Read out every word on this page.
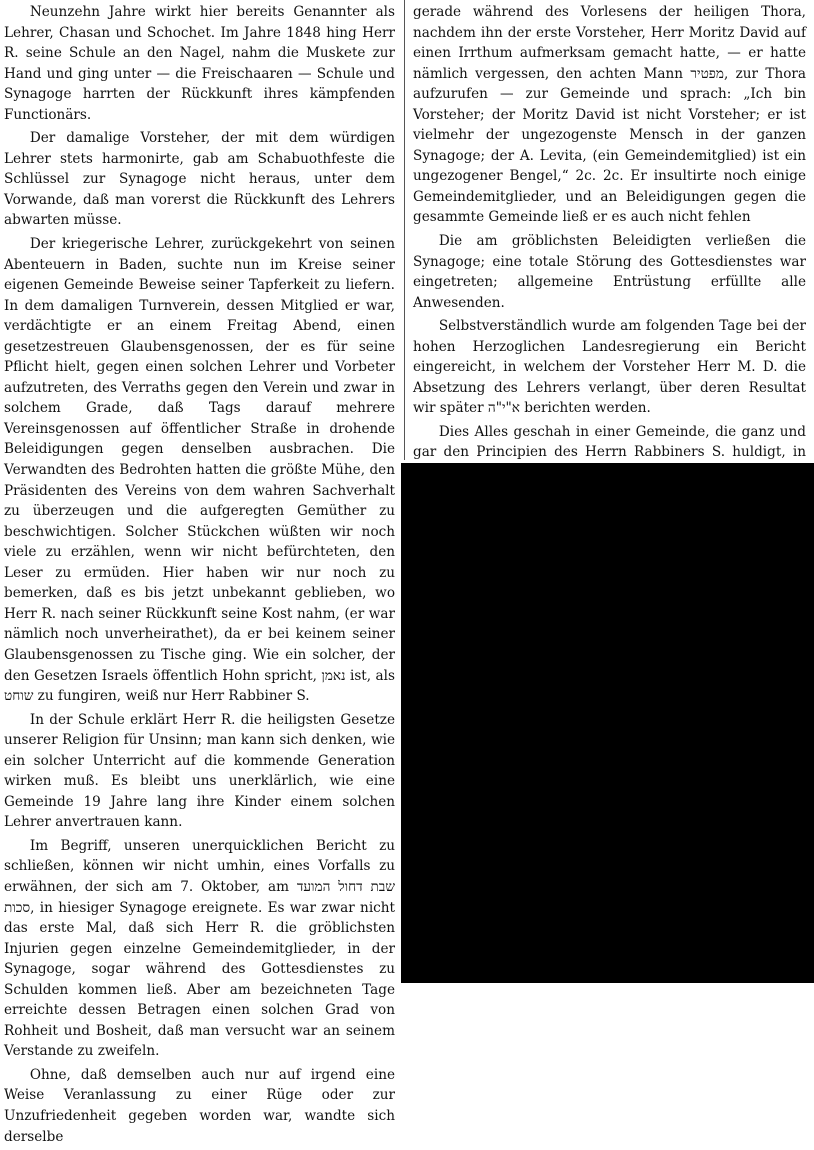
Neunzehn Jahre wirkt hier bereits Genannter als Lehrer, Chasan und Schochet. Im Jahre 1848 hing Herr R. seine Schule an den Nagel, nahm die Muskete zur Hand und ging unter — die Freischaaren — Schule und Synagoge harrten der Rückkunft ihres kämpfenden Functionärs.

Der damalige Vorsteher, der mit dem würdigen Lehrer stets harmonirte, gab am Schabuothfeste die Schlüssel zur Synagoge nicht heraus, unter dem Vorwande, daß man vorerst die Rückkunft des Lehrers abwarten müsse.

Der kriegerische Lehrer, zurückgekehrt von seinen Abenteuern in Baden, suchte nun im Kreise seiner eigenen Gemeinde Beweise seiner Tapferkeit zu liefern. In dem damaligen Turnverein, dessen Mitglied er war, verdächtigte er an einem Freitag Abend, einen gesetzestreuen Glaubensgenossen, der es für seine Pflicht hielt, gegen einen solchen Lehrer und Vorbeter aufzutreten, des Verraths gegen den Verein und zwar in solchem Grade, daß Tags darauf mehrere Vereinsgenossen auf öffentlicher Straße in drohende Beleidigungen gegen denselben ausbrachen. Die Verwandten des Bedrohten hatten die größte Mühe, den Präsidenten des Vereins von dem wahren Sachverhalt zu überzeugen und die aufgeregten Gemüther zu beschwichtigen. Solcher Stückchen wüßten wir noch viele zu erzählen, wenn wir nicht befürchteten, den Leser zu ermüden. Hier haben wir nur noch zu bemerken, daß es bis jetzt unbekannt geblieben, wo Herr R. nach seiner Rückkunft seine Kost nahm, (er war nämlich noch unverheirathet), da er bei keinem seiner Glaubensgenossen zu Tische ging. Wie ein solcher, der den Gesetzen Israels öffentlich Hohn spricht, נאמן ist, als שוחט zu fungiren, weiß nur Herr Rabbiner S.

In der Schule erklärt Herr R. die heiligsten Gesetze unserer Religion für Unsinn; man kann sich denken, wie ein solcher Unterricht auf die kommende Generation wirken muß. Es bleibt uns unerklärlich, wie eine Gemeinde 19 Jahre lang ihre Kinder einem solchen Lehrer anvertrauen kann.

Im Begriff, unseren unerquicklichen Bericht zu schließen, können wir nicht umhin, eines Vorfalls zu erwähnen, der sich am 7. Oktober, am שבת דחול המועד סכות, in hiesiger Synagoge ereignete. Es war zwar nicht das erste Mal, daß sich Herr R. die gröblichsten Injurien gegen einzelne Gemeindemitglieder, in der Synagoge, sogar während des Gottesdienstes zu Schulden kommen ließ. Aber am bezeichneten Tage erreichte dessen Betragen einen solchen Grad von Rohheit und Bosheit, daß man versucht war an seinem Verstande zu zweifeln.

Ohne, daß demselben auch nur auf irgend eine Weise Veranlassung zu einer Rüge oder zur Unzufriedenheit gegeben worden war, wandte sich derselbe

gerade während des Vorlesens der heiligen Thora, nachdem ihn der erste Vorsteher, Herr Moritz David auf einen Irrthum aufmerksam gemacht hatte, — er hatte nämlich vergessen, den achten Mann מפטיר, zur Thora aufzurufen — zur Gemeinde und sprach: „Ich bin Vorsteher; der Moritz David ist nicht Vorsteher; er ist vielmehr der ungezogenste Mensch in der ganzen Synagoge; der A. Levita, (ein Gemeindemitglied) ist ein ungezogener Bengel,“ 2c. 2c. Er insultirte noch einige Gemeindemitglieder, und an Beleidigungen gegen die gesammte Gemeinde ließ er es auch nicht fehlen

Die am gröblichsten Beleidigten verließen die Synagoge; eine totale Störung des Gottesdienstes war eingetreten; allgemeine Entrüstung erfüllte alle Anwesenden.

Selbstverständlich wurde am folgenden Tage bei der hohen Herzoglichen Landesregierung ein Bericht eingereicht, in welchem der Vorsteher Herr M. D. die Absetzung des Lehrers verlangt, über deren Resultat wir später א"י"ה berichten werden.

Dies Alles geschah in einer Gemeinde, die ganz und gar den Principien des Herrn Rabbiners S. huldigt, in
